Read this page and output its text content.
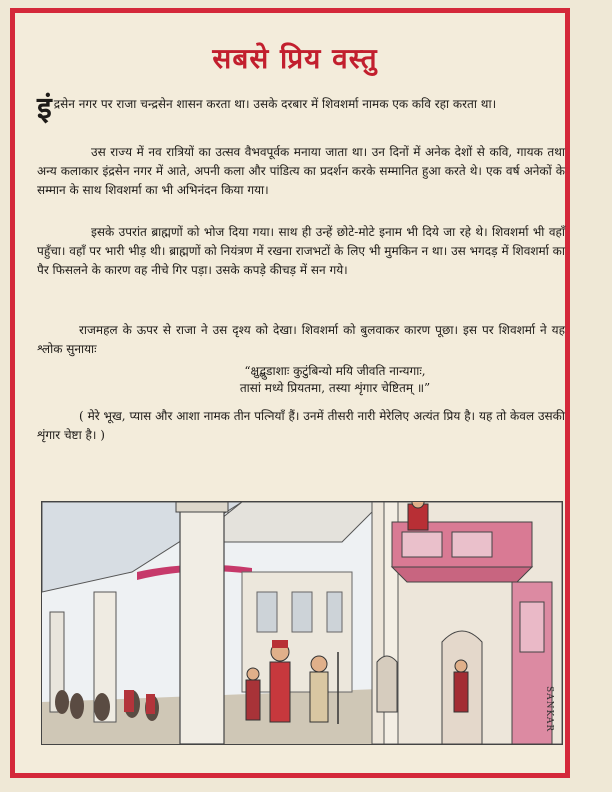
सबसे प्रिय वस्तु
इंद्रसेन नगर पर राजा चन्द्रसेन शासन करता था। उसके दरबार में शिवशर्मा नामक एक कवि रहा करता था।
उस राज्य में नव रात्रियों का उत्सव वैभवपूर्वक मनाया जाता था। उन दिनों में अनेक देशों से कवि, गायक तथा अन्य कलाकार इंद्रसेन नगर में आते, अपनी कला और पांडित्य का प्रदर्शन करके सम्मानित हुआ करते थे। एक वर्ष अनेकों के सम्मान के साथ शिवशर्मा का भी अभिनंदन किया गया।
इसके उपरांत ब्राह्मणों को भोज दिया गया। साथ ही उन्हें छोटे-मोटे इनाम भी दिये जा रहे थे। शिवशर्मा भी वहाँ पहुँचा। वहाँ पर भारी भीड़ थी। ब्राह्मणों को नियंत्रण में रखना राजभटों के लिए भी मुमकिन न था। उस भगदड़ में शिवशर्मा का पैर फिसलने के कारण वह नीचे गिर पड़ा। उसके कपड़े कीचड़ में सन गये।
राजमहल के ऊपर से राजा ने उस दृश्य को देखा। शिवशर्मा को बुलवाकर कारण पूछा। इस पर शिवशर्मा ने यह श्लोक सुनायाः
“क्षुद्बुडाशाः कुटुंबिन्यो मयि जीवति नान्यगाः,
तासां मध्ये प्रियतमा, तस्या शृंगार चेष्टितम् ॥”
( मेरे भूख, प्यास और आशा नामक तीन पत्नियाँ हैं। उनमें तीसरी नारी मेरेलिए अत्यंत प्रिय है। यह तो केवल उसकी शृंगार चेष्टा है। )
SANKAR
